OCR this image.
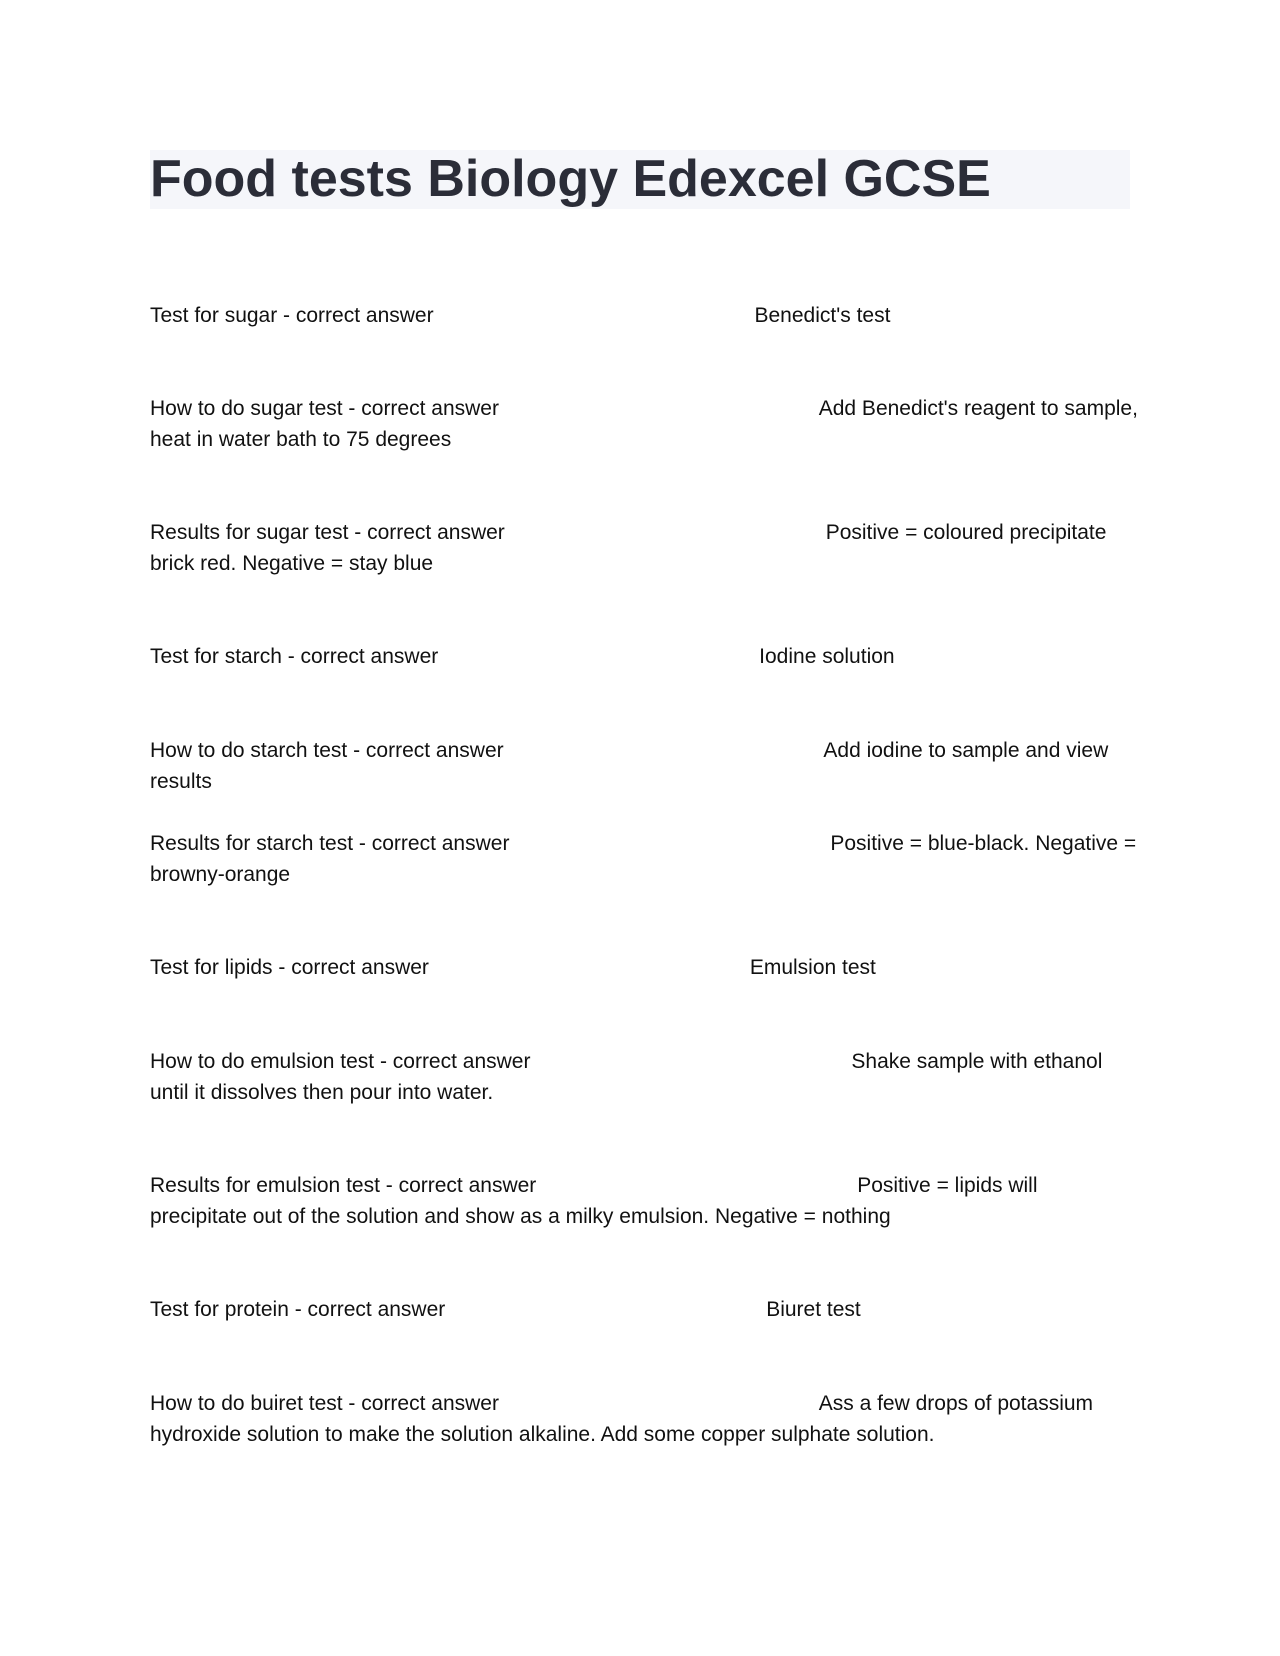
Food tests Biology Edexcel GCSE
Test for sugar - correct answer	Benedict's test
How to do sugar test - correct answer	Add Benedict's reagent to sample, heat in water bath to 75 degrees
Results for sugar test - correct answer	Positive = coloured precipitate brick red. Negative = stay blue
Test for starch - correct answer	Iodine solution
How to do starch test - correct answer	Add iodine to sample and view results
Results for starch test - correct answer	Positive = blue-black. Negative = browny-orange
Test for lipids - correct answer	Emulsion test
How to do emulsion test - correct answer	Shake sample with ethanol until it dissolves then pour into water.
Results for emulsion test - correct answer	Positive = lipids will precipitate out of the solution and show as a milky emulsion. Negative = nothing
Test for protein - correct answer	Biuret test
How to do buiret test - correct answer	Ass a few drops of potassium hydroxide solution to make the solution alkaline. Add some copper sulphate solution.
